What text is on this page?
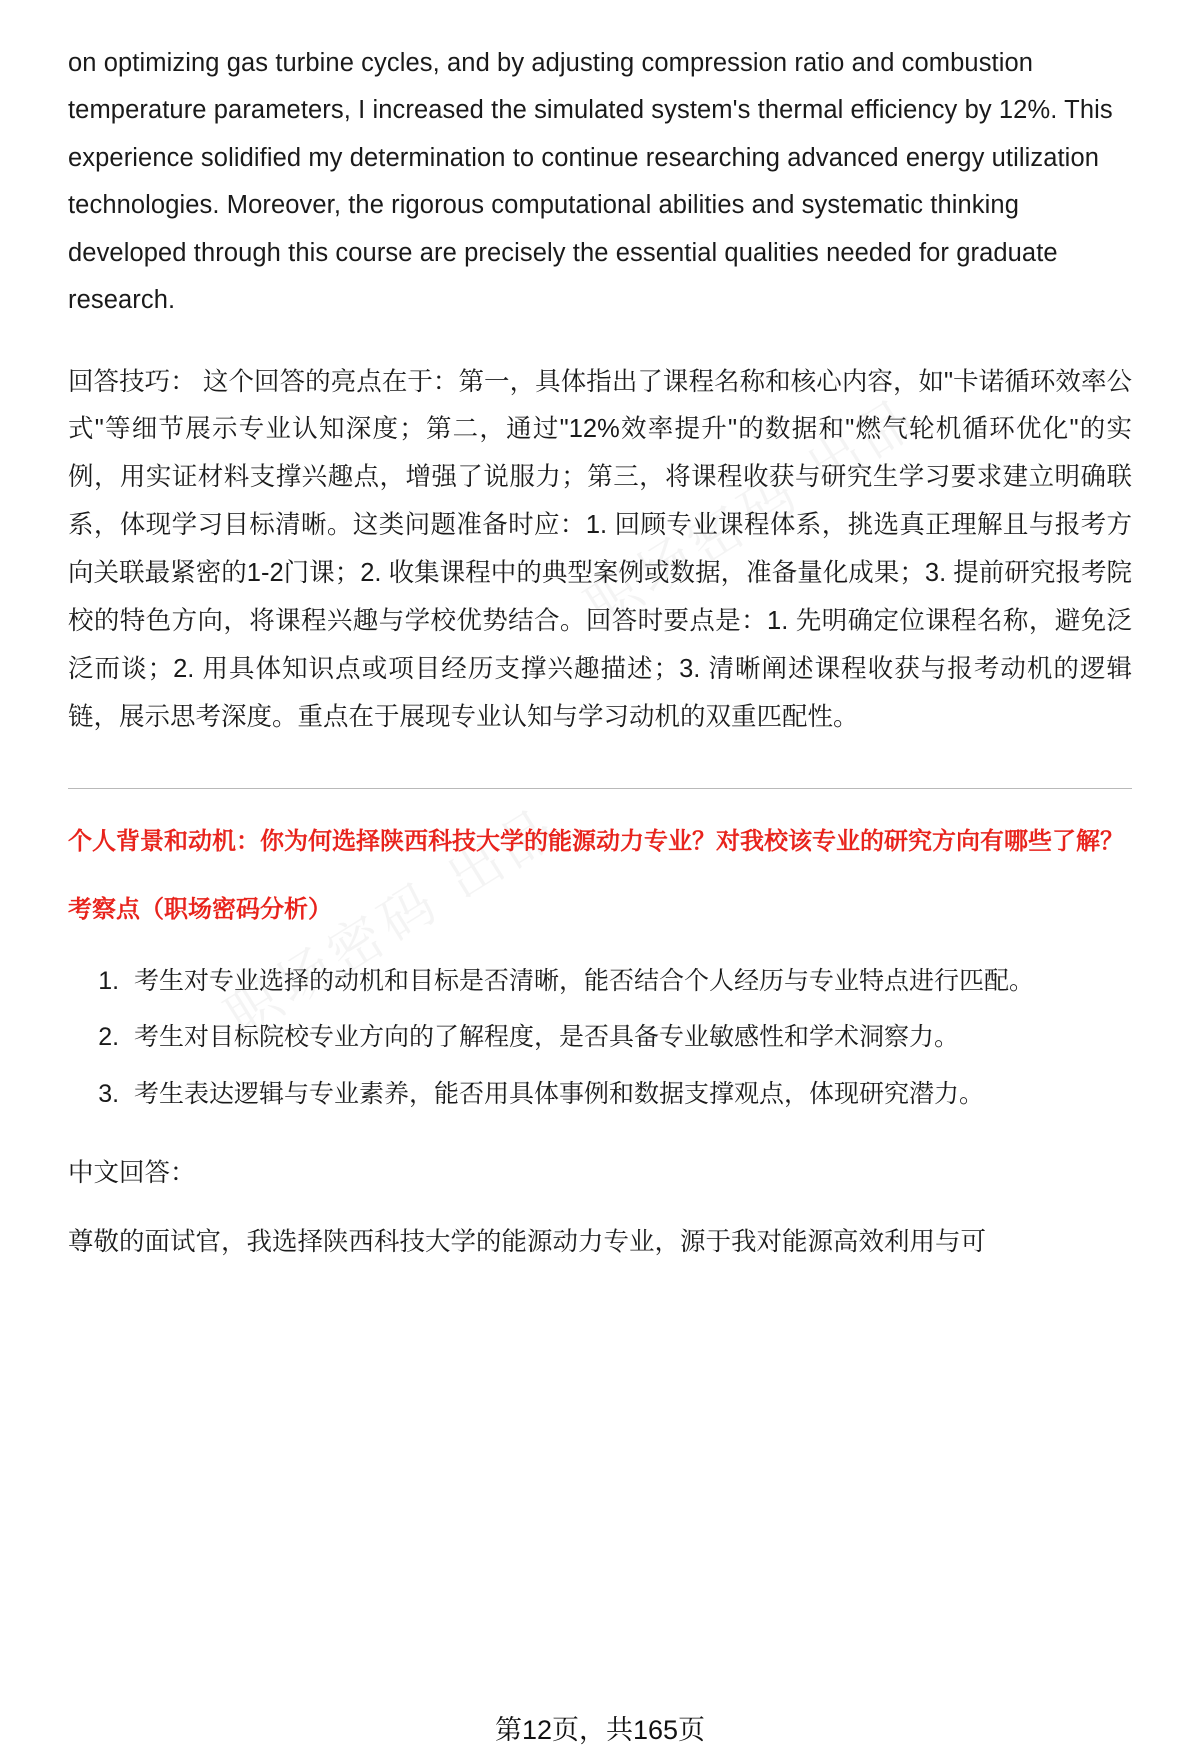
on optimizing gas turbine cycles, and by adjusting compression ratio and combustion temperature parameters, I increased the simulated system's thermal efficiency by 12%. This experience solidified my determination to continue researching advanced energy utilization technologies. Moreover, the rigorous computational abilities and systematic thinking developed through this course are precisely the essential qualities needed for graduate research.

回答技巧： 这个回答的亮点在于：第一，具体指出了课程名称和核心内容，如"卡诺循环效率公式"等细节展示专业认知深度；第二，通过"12%效率提升"的数据和"燃气轮机循环优化"的实例，用实证材料支撑兴趣点，增强了说服力；第三，将课程收获与研究生学习要求建立明确联系，体现学习目标清晰。这类问题准备时应：1. 回顾专业课程体系，挑选真正理解且与报考方向关联最紧密的1-2门课；2. 收集课程中的典型案例或数据，准备量化成果；3. 提前研究报考院校的特色方向，将课程兴趣与学校优势结合。回答时要点是：1. 先明确定位课程名称，避免泛泛而谈；2. 用具体知识点或项目经历支撑兴趣描述；3. 清晰阐述课程收获与报考动机的逻辑链，展示思考深度。重点在于展现专业认知与学习动机的双重匹配性。

个人背景和动机：你为何选择陕西科技大学的能源动力专业？对我校该专业的研究方向有哪些了解？
考察点（职场密码分析）
1. 考生对专业选择的动机和目标是否清晰，能否结合个人经历与专业特点进行匹配。
2. 考生对目标院校专业方向的了解程度，是否具备专业敏感性和学术洞察力。
3. 考生表达逻辑与专业素养，能否用具体事例和数据支撑观点，体现研究潜力。

中文回答：

尊敬的面试官，我选择陕西科技大学的能源动力专业，源于我对能源高效利用与可

第12页，共165页
